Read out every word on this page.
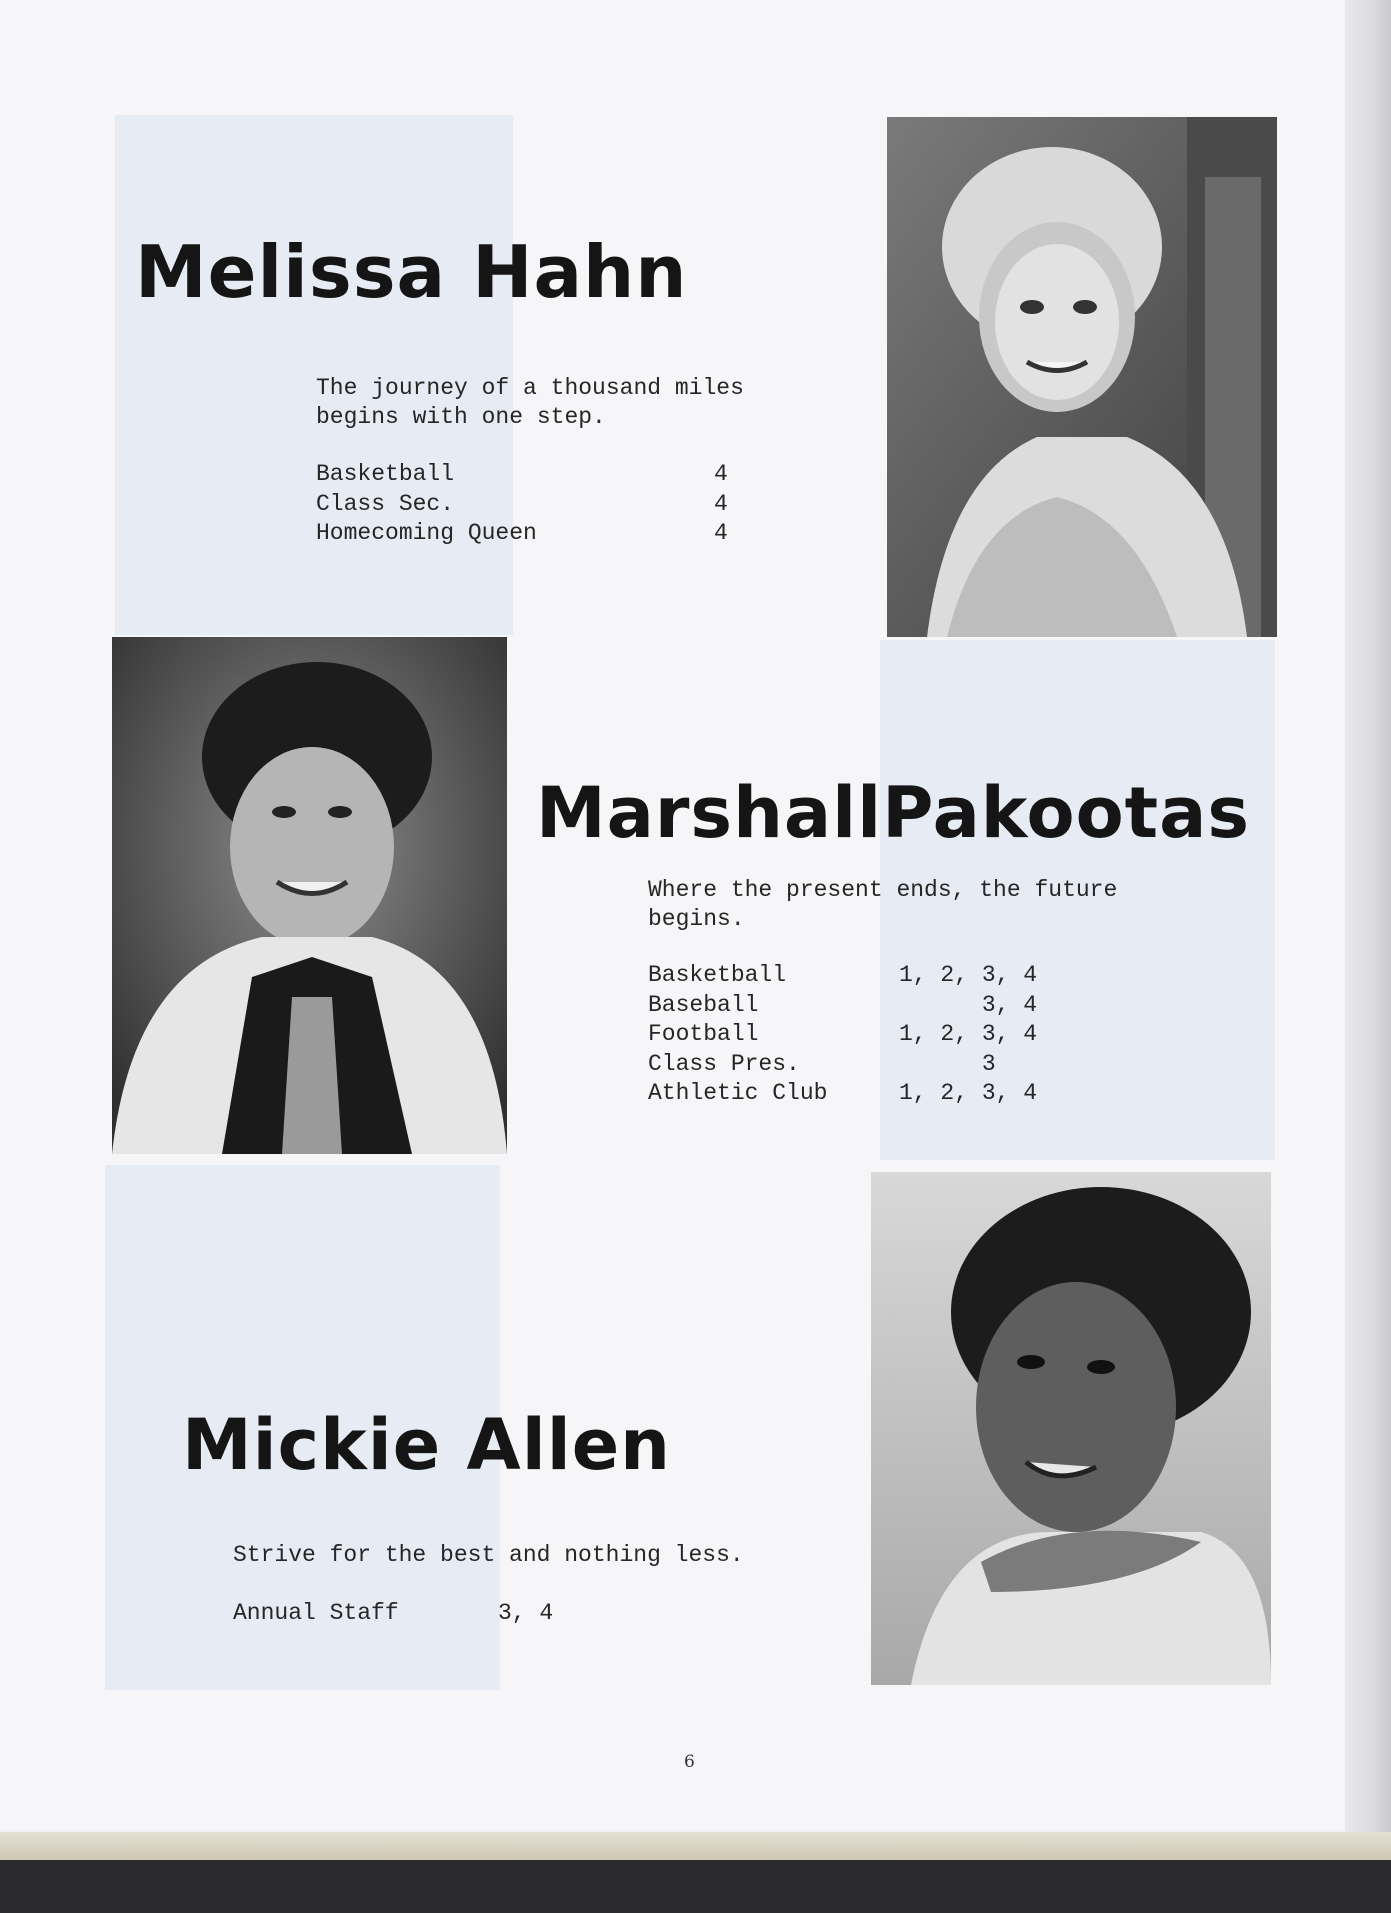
Melissa Hahn

The journey of a thousand miles
begins with one step.

Basketball	4
Class Sec.	4
Homecoming Queen	4
MarshallPakootas

Where the present ends, the future
begins.

Basketball	1, 2, 3, 4
Baseball	3, 4
Football	1, 2, 3, 4
Class Pres.	3
Athletic Club	1, 2, 3, 4
Mickie Allen

Strive for the best and nothing less.

Annual Staff	3, 4
6
